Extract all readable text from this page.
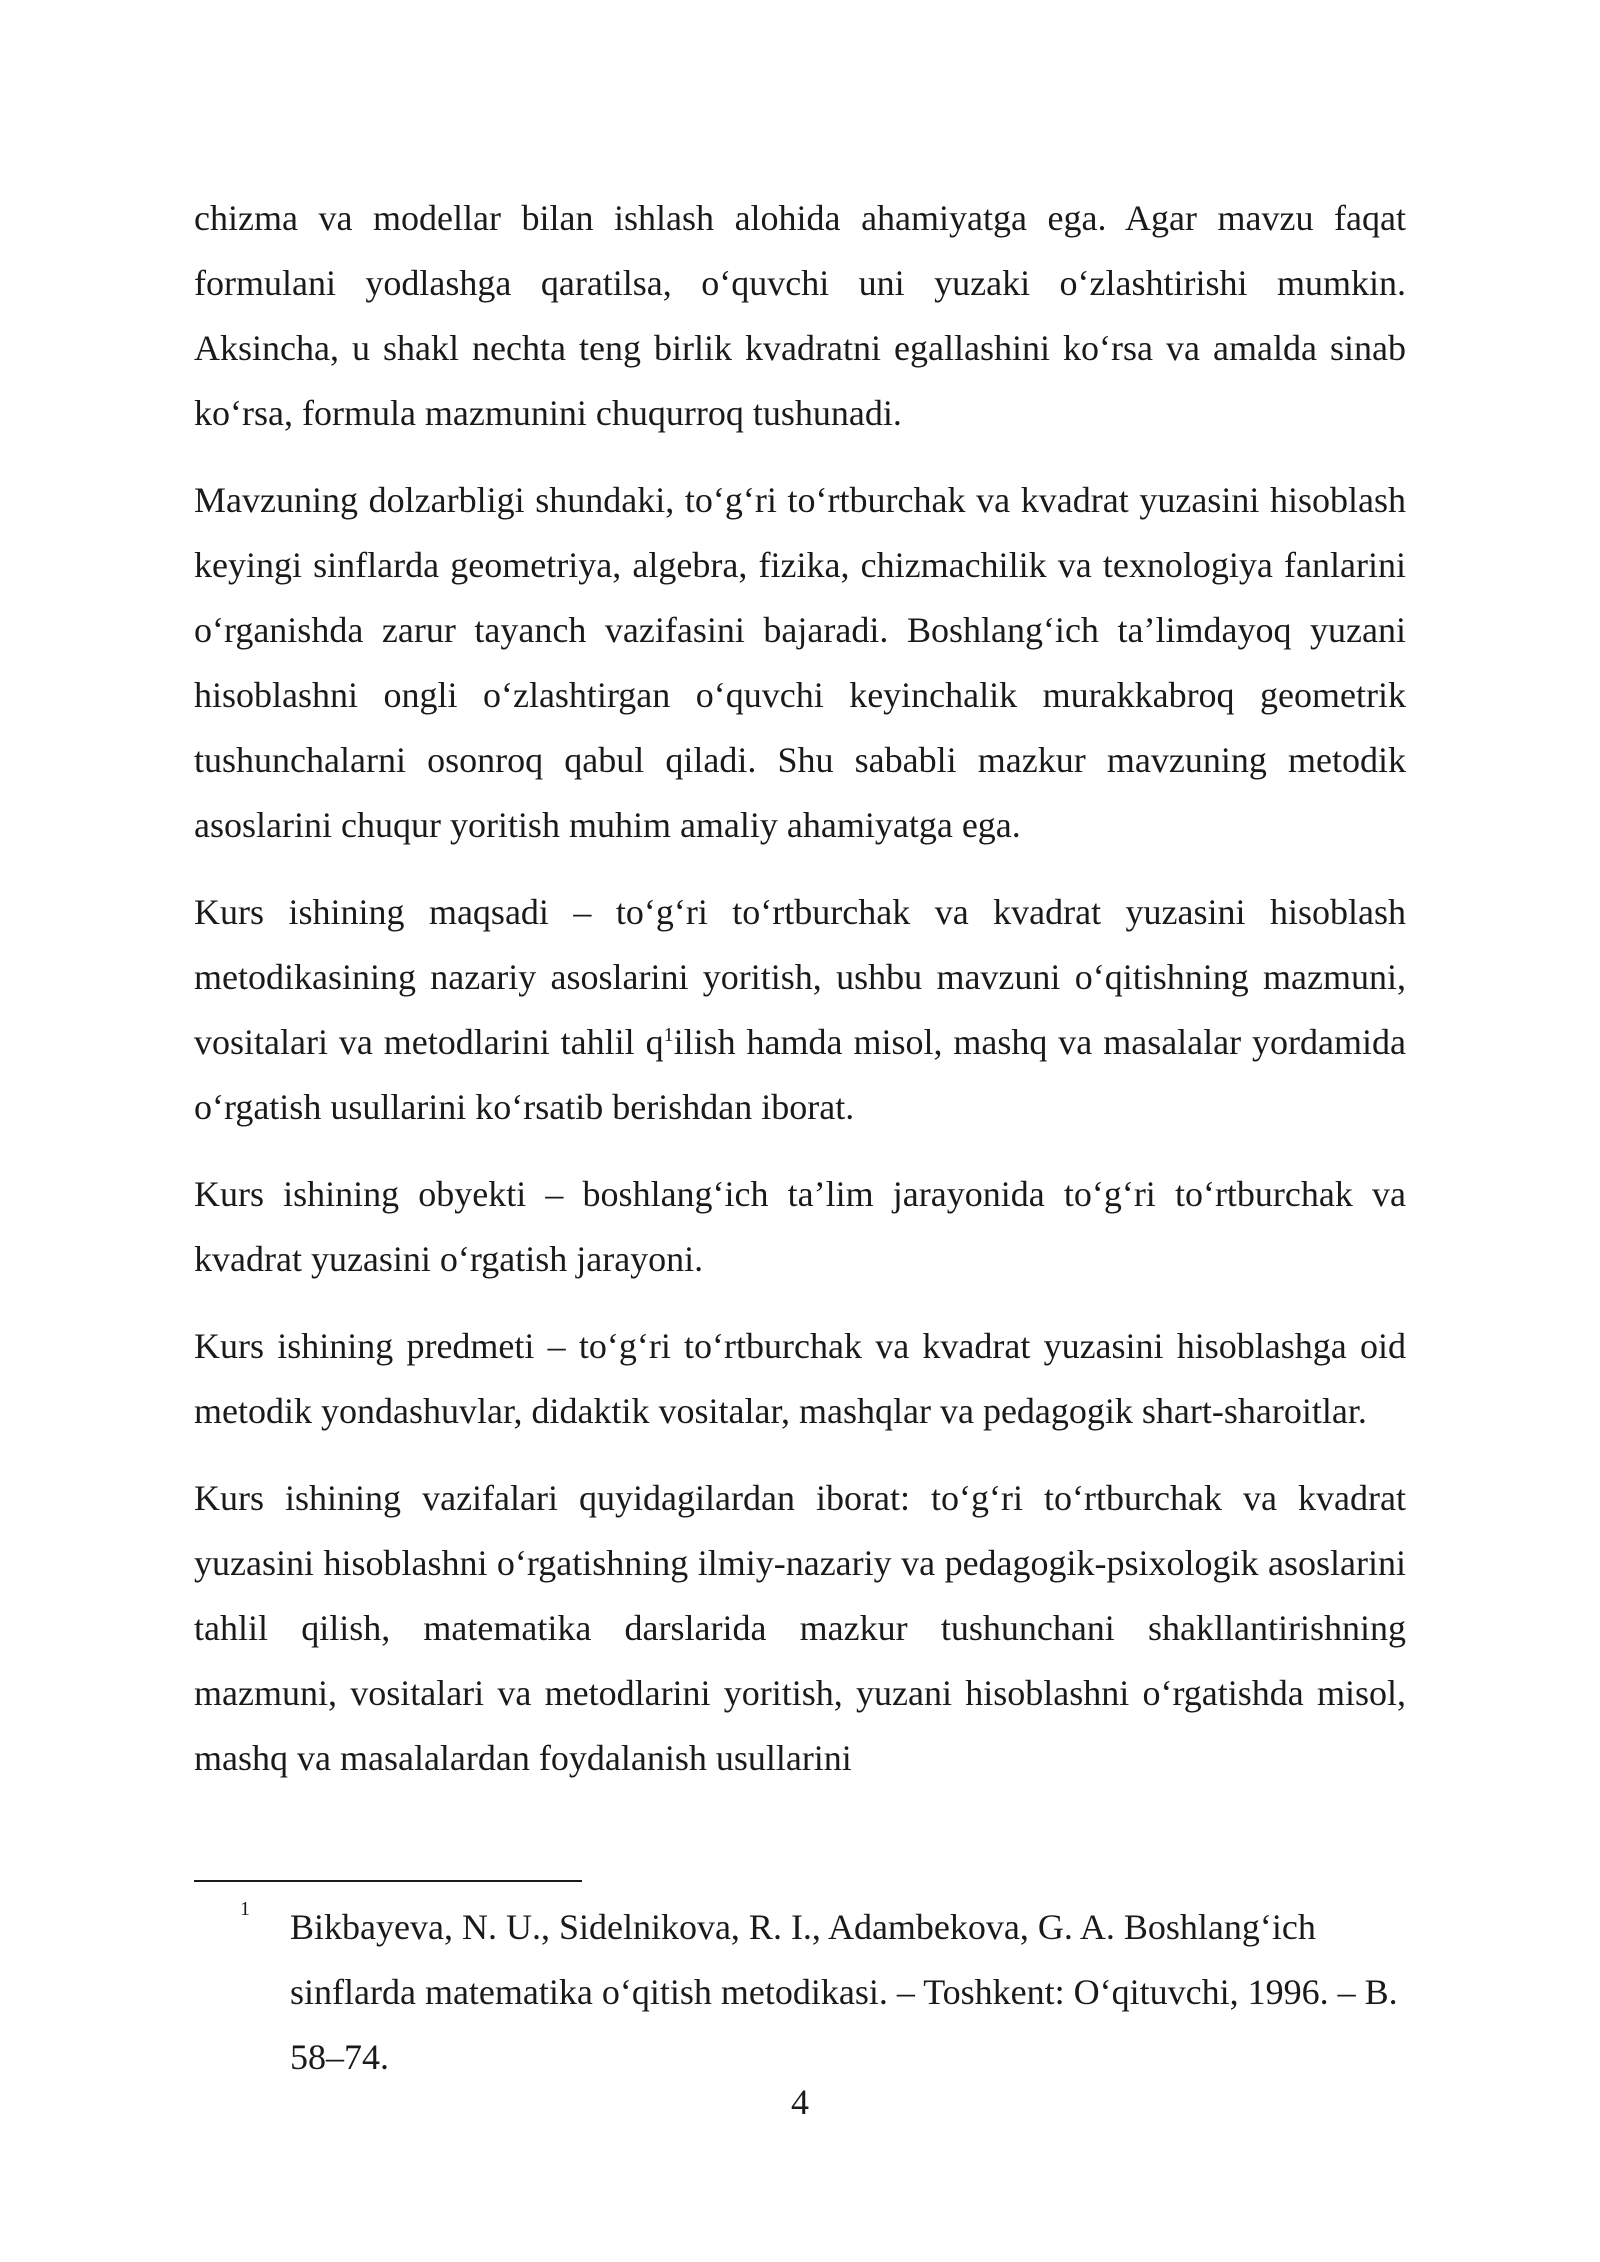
chizma va modellar bilan ishlash alohida ahamiyatga ega. Agar mavzu faqat formulani yodlashga qaratilsa, o‘quvchi uni yuzaki o‘zlashtirishi mumkin. Aksincha, u shakl nechta teng birlik kvadratni egallashini ko‘rsa va amalda sinab ko‘rsa, formula mazmunini chuqurroq tushunadi.

Mavzuning dolzarbligi shundaki, to‘g‘ri to‘rtburchak va kvadrat yuzasini hisoblash keyingi sinflarda geometriya, algebra, fizika, chizmachilik va texnologiya fanlarini o‘rganishda zarur tayanch vazifasini bajaradi. Boshlang‘ich ta’limdayoq yuzani hisoblashni ongli o‘zlashtirgan o‘quvchi keyinchalik murakkabroq geometrik tushunchalarni osonroq qabul qiladi. Shu sababli mazkur mavzuning metodik asoslarini chuqur yoritish muhim amaliy ahamiyatga ega.

Kurs ishining maqsadi – to‘g‘ri to‘rtburchak va kvadrat yuzasini hisoblash metodikasining nazariy asoslarini yoritish, ushbu mavzuni o‘qitishning mazmuni, vositalari va metodlarini tahlil $q^1ilish$ hamda misol, mashq va masalalar yordamida o‘rgatish usullarini ko‘rsatib berishdan iborat.

Kurs ishining obyekti – boshlang‘ich ta’lim jarayonida to‘g‘ri to‘rtburchak va kvadrat yuzasini o‘rgatish jarayoni.

Kurs ishining predmeti – to‘g‘ri to‘rtburchak va kvadrat yuzasini hisoblashga oid metodik yondashuvlar, didaktik vositalar, mashqlar va pedagogik shart-sharoitlar.

Kurs ishining vazifalari quyidagilardan iborat: to‘g‘ri to‘rtburchak va kvadrat yuzasini hisoblashni o‘rgatishning ilmiy-nazariy va pedagogik-psixologik asoslarini tahlil qilish, matematika darslarida mazkur tushunchani shakllantirishning mazmuni, vositalari va metodlarini yoritish, yuzani hisoblashni o‘rgatishda misol, mashq va masalalardan foydalanish usullarini

1 Bikbayeva, N. U., Sidelnikova, R. I., Adambekova, G. A. Boshlang‘ich sinflarda matematika o‘qitish metodikasi. – Toshkent: O‘qituvchi, 1996. – B. 58–74.
4
